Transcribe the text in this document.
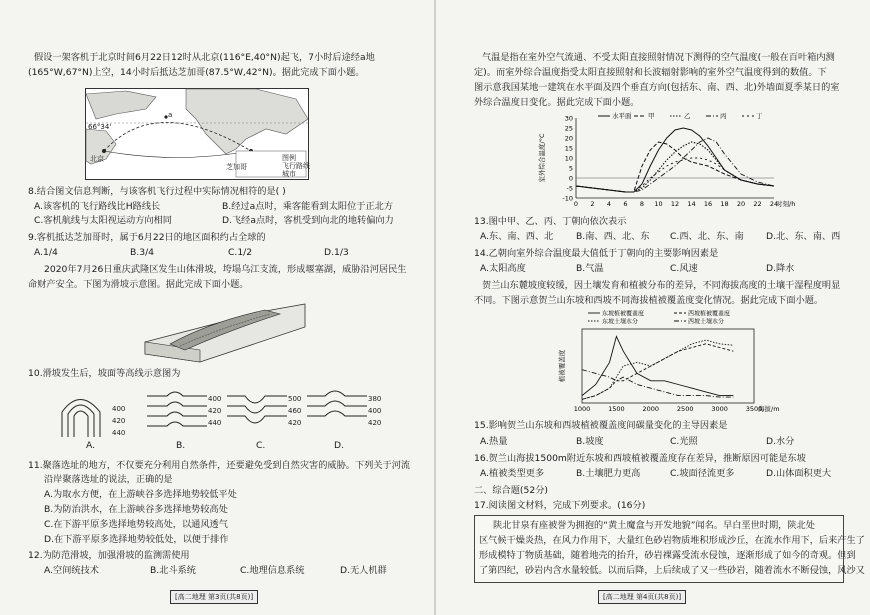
假设一架客机于北京时间6月22日12时从北京(116°E,40°N)起飞，7小时后途经a地
(165°W,67°N)上空，14小时后抵达芝加哥(87.5°W,42°N)。据此完成下面小题。
66°34'
北京
芝加哥
a
图例
飞行路线
城市
8.结合图文信息判断，与该客机飞行过程中实际情况相符的是( )
A.该客机的飞行路线比H路线长	B.经过a点时，乘客能看到太阳位于正北方
C.客机航线与太阳视运动方向相同	D.飞经a点时，客机受到向北的地转偏向力
9.客机抵达芝加哥时，属于6月22日的地区面积约占全球的
A.1/4	B.3/4	C.1/2	D.1/3
2020年7月26日重庆武隆区发生山体滑坡，垮塌乌江支流，形成堰塞湖，威胁沿河居民生
命财产安全。下图为滑坡示意图。据此完成下面小题。
10.滑坡发生后，坡面等高线示意图为
400
420
440
A.
400
420
440
B.
500
460
420
C.
380
400
420
D.
11.聚落选址的地方，不仅要充分利用自然条件，还要避免受到自然灾害的威胁。下列关于河流
沿岸聚落选址的说法，正确的是
A.为取水方便，在上游峡谷多选择地势较低平处
B.为防治洪水，在上游峡谷多选择地势较高处
C.在下游平原多选择地势较高处，以通风透气
D.在下游平原多选择地势较低处，以便于排作
12.为防范滑坡，加强滑坡的监测需使用
A.空间统技术	B.北斗系统	C.地理信息系统	D.无人机群
[高二地理 第3页(共8页)]
气温是指在室外空气流通、不受太阳直接照射情况下测得的空气温度(一般在百叶箱内测
定)。而室外综合温度指受太阳直接照射和长波辐射影响的室外空气温度得到的数值。下
图示意我国某地一建筑在水平面及四个垂直方向(包括东、南、西、北)外墙面夏季某日的室
外综合温度日变化。据此完成下面小题。
-10
-5
0
5
10
15
20
25
30
0 2 4 6 8 10 12 14 16 18 20 22 24
时刻/h
室外综合温度/°C
水平面	甲	乙	丙	丁
13.图中甲、乙、丙、丁朝向依次表示
A.东、南、西、北 B.南、西、北、东 C.西、北、东、南 D.北、东、南、西
14.乙朝向室外综合温度最大值低于丁朝向的主要影响因素是
A.太阳高度	B.气温	C.风速	D.降水
贺兰山东麓坡度较缓，因土壤发育和植被分布的差异，不同海拔高度的土壤干湿程度明显
不同。下图示意贺兰山东坡和西坡不同海拔植被覆盖度变化情况。据此完成下面小题。
1000	1500	2000	2500	3000	3500
海拔/m
植被覆盖度
东坡植被覆盖度	西坡植被覆盖度
东坡土壤水分	西坡土壤水分
15.影响贺兰山东坡和西坡植被覆盖度间碳量变化的主导因素是
A.热量	B.坡度	C.光照	D.水分
16.贺兰山海拔1500m附近东坡和西坡植被覆盖度存在差异，推断原因可能是东坡
A.植被类型更多	B.土壤肥力更高	C.坡面径流更多	D.山体面积更大
二、综合题(52分)
17.阅读图文材料，完成下列要求。(16分)
陕北甘泉有座被誉为拥抱的“黄土魔盒与开发地貌”闻名。早白垩世时期，陕北处
区气候干燥炎热，在风力作用下，大量红色砂岩物质堆积形成沙丘，在流水作用下，后来产生了
形成模特丁物质基础，随着地壳的抬升，砂岩裸露受流水侵蚀，逐渐形成了如今的奇观。但到
了第四纪，砂岩内含水量较低。以而后降，上后续成了又一些砂岩，随着流水不断侵蚀，风沙又
[高二地理 第4页(共8页)]
